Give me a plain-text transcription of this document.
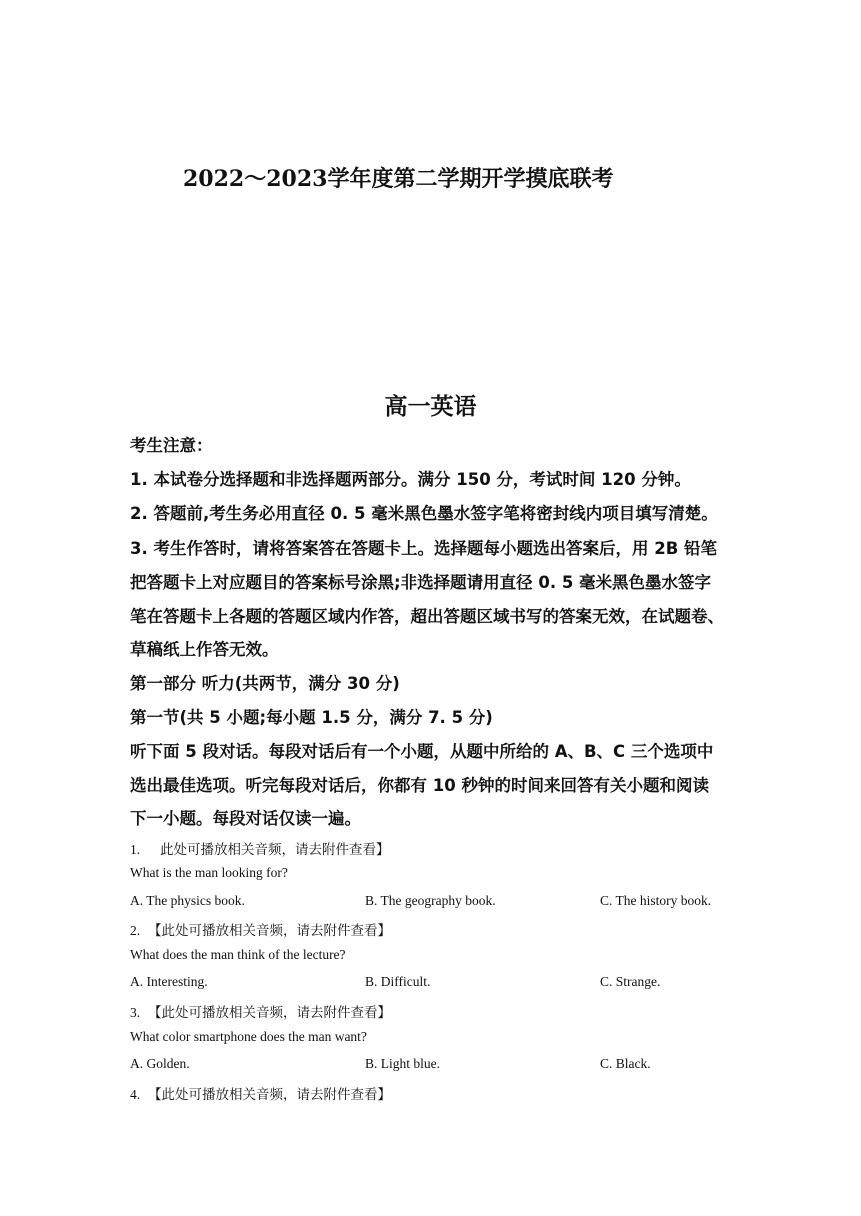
2022～2023学年度第二学期开学摸底联考
高一英语
考生注意：
1. 本试卷分选择题和非选择题两部分。满分 150 分，考试时间 120 分钟。
2. 答题前,考生务必用直径 0. 5 毫米黑色墨水签字笔将密封线内项目填写清楚。
3. 考生作答时，请将答案答在答题卡上。选择题每小题选出答案后，用 2B 铅笔
把答题卡上对应题目的答案标号涂黑;非选择题请用直径 0. 5 毫米黑色墨水签字
笔在答题卡上各题的答题区域内作答，超出答题区域书写的答案无效，在试题卷、
草稿纸上作答无效。
第一部分 听力(共两节，满分 30 分)
第一节(共 5 小题;每小题 1.5 分，满分 7. 5 分)
听下面 5 段对话。每段对话后有一个小题，从题中所给的 A、B、C 三个选项中
选出最佳选项。听完每段对话后，你都有 10 秒钟的时间来回答有关小题和阅读
下一小题。每段对话仅读一遍。
1. 此处可播放相关音频，请去附件查看】
What is the man looking for?
A. The physics book.	B. The geography book.	C. The history book.
2. 【此处可播放相关音频，请去附件查看】
What does the man think of the lecture?
A. Interesting.	B. Difficult.	C. Strange.
3. 【此处可播放相关音频，请去附件查看】
What color smartphone does the man want?
A. Golden.	B. Light blue.	C. Black.
4. 【此处可播放相关音频，请去附件查看】
